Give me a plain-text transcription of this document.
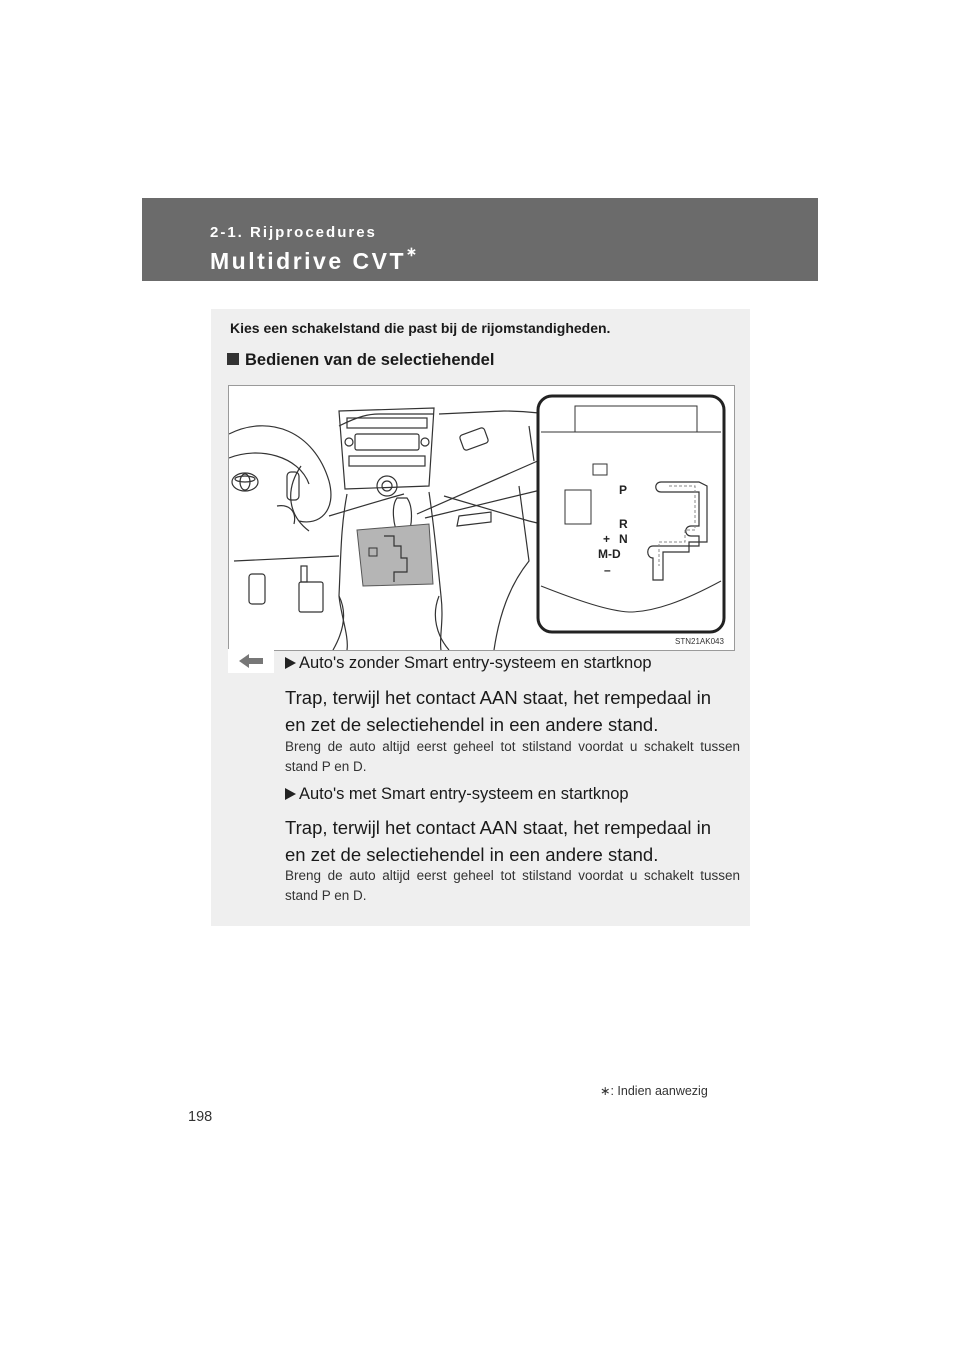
2-1. Rijprocedures
Multidrive CVT∗
Kies een schakelstand die past bij de rijomstandigheden.
Bedienen van de selectiehendel
P
R
+ N
M-D
–
STN21AK043
Auto's zonder Smart entry-systeem en startknop
Trap, terwijl het contact AAN staat, het rempedaal in en zet de selectiehendel in een andere stand.
Breng de auto altijd eerst geheel tot stilstand voordat u schakelt tussen stand P en D.
Auto's met Smart entry-systeem en startknop
Trap, terwijl het contact AAN staat, het rempedaal in en zet de selectiehendel in een andere stand.
Breng de auto altijd eerst geheel tot stilstand voordat u schakelt tussen stand P en D.
∗: Indien aanwezig
198
